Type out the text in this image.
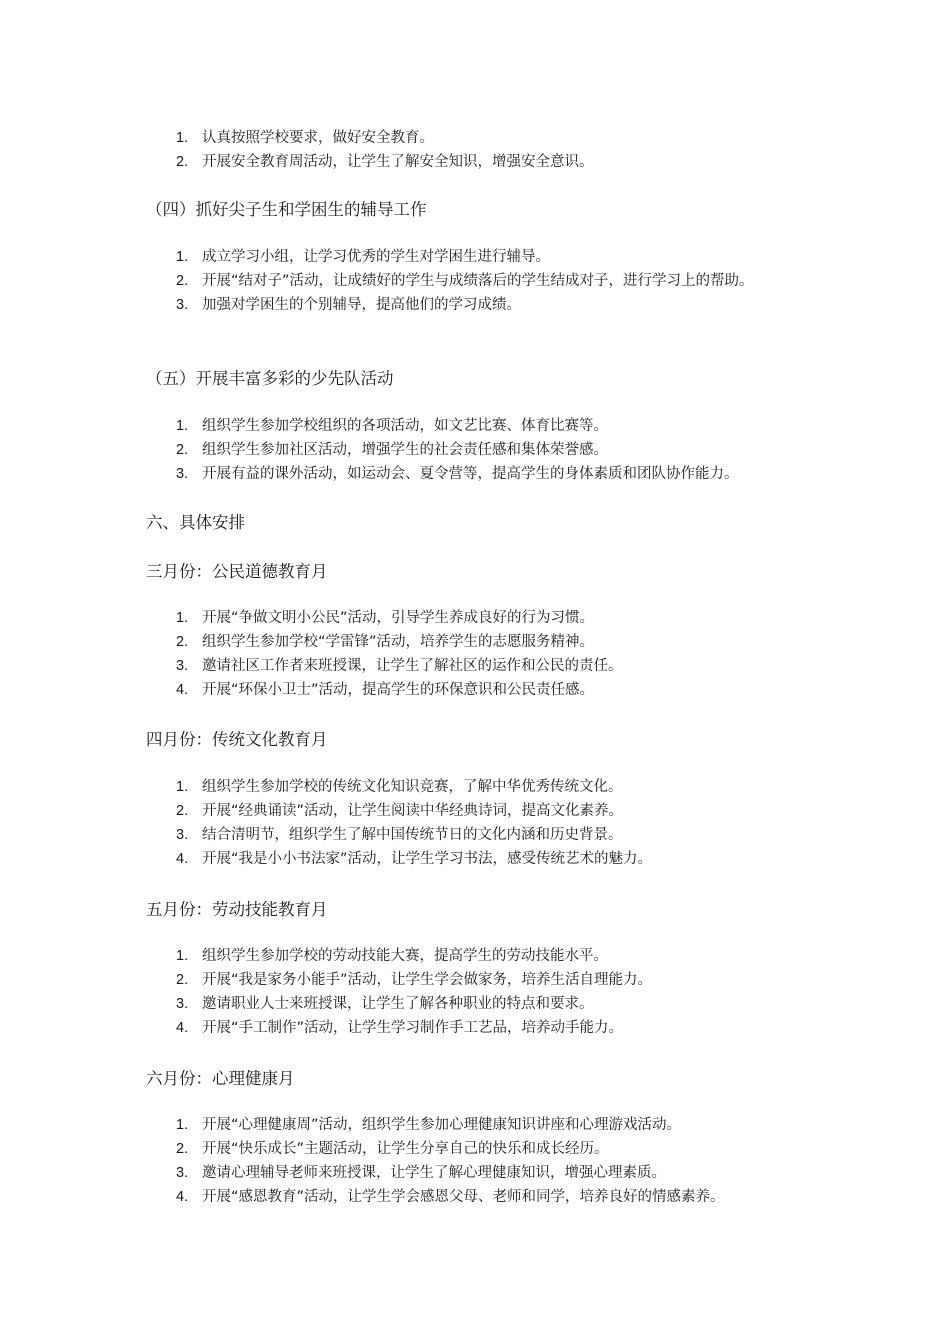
1. 认真按照学校要求，做好安全教育。
2. 开展安全教育周活动，让学生了解安全知识，增强安全意识。
（四）抓好尖子生和学困生的辅导工作
1. 成立学习小组，让学习优秀的学生对学困生进行辅导。
2. 开展“结对子”活动，让成绩好的学生与成绩落后的学生结成对子，进行学习上的帮助。
3. 加强对学困生的个别辅导，提高他们的学习成绩。
（五）开展丰富多彩的少先队活动
1. 组织学生参加学校组织的各项活动，如文艺比赛、体育比赛等。
2. 组织学生参加社区活动，增强学生的社会责任感和集体荣誉感。
3. 开展有益的课外活动，如运动会、夏令营等，提高学生的身体素质和团队协作能力。
六、具体安排
三月份：公民道德教育月
1. 开展“争做文明小公民”活动，引导学生养成良好的行为习惯。
2. 组织学生参加学校“学雷锋”活动，培养学生的志愿服务精神。
3. 邀请社区工作者来班授课，让学生了解社区的运作和公民的责任。
4. 开展“环保小卫士”活动，提高学生的环保意识和公民责任感。
四月份：传统文化教育月
1. 组织学生参加学校的传统文化知识竞赛，了解中华优秀传统文化。
2. 开展“经典诵读”活动，让学生阅读中华经典诗词，提高文化素养。
3. 结合清明节，组织学生了解中国传统节日的文化内涵和历史背景。
4. 开展“我是小小书法家”活动，让学生学习书法，感受传统艺术的魅力。
五月份：劳动技能教育月
1. 组织学生参加学校的劳动技能大赛，提高学生的劳动技能水平。
2. 开展“我是家务小能手”活动，让学生学会做家务，培养生活自理能力。
3. 邀请职业人士来班授课，让学生了解各种职业的特点和要求。
4. 开展“手工制作”活动，让学生学习制作手工艺品，培养动手能力。
六月份：心理健康月
1. 开展“心理健康周”活动，组织学生参加心理健康知识讲座和心理游戏活动。
2. 开展“快乐成长”主题活动，让学生分享自己的快乐和成长经历。
3. 邀请心理辅导老师来班授课，让学生了解心理健康知识，增强心理素质。
4. 开展“感恩教育”活动，让学生学会感恩父母、老师和同学，培养良好的情感素养。
